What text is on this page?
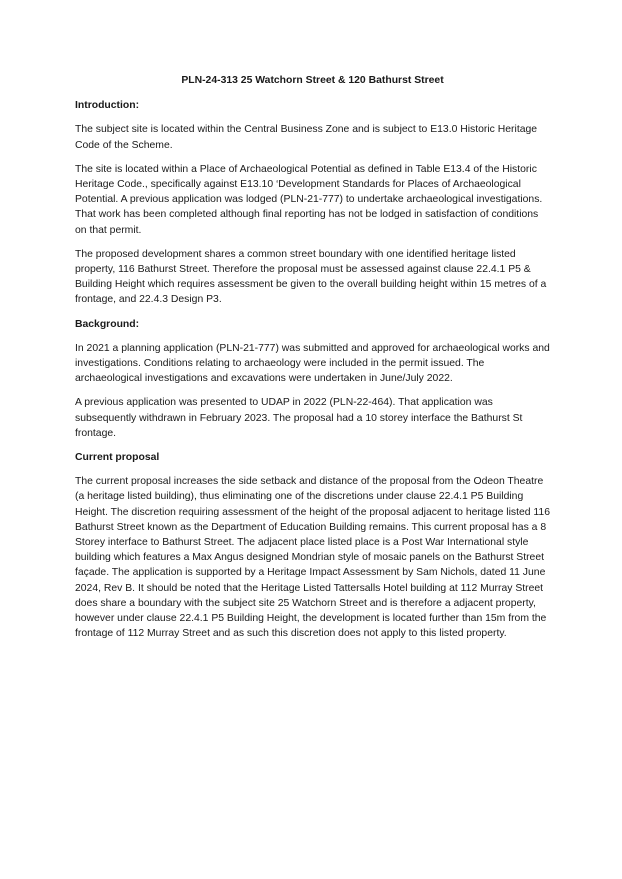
PLN-24-313 25 Watchorn Street & 120 Bathurst Street
Introduction:

The subject site is located within the Central Business Zone and is subject to E13.0 Historic Heritage Code of the Scheme.

The site is located within a Place of Archaeological Potential as defined in Table E13.4 of the Historic Heritage Code., specifically against E13.10 ‘Development Standards for Places of Archaeological Potential. A previous application was lodged (PLN-21-777) to undertake archaeological investigations. That work has been completed although final reporting has not be lodged in satisfaction of conditions on that permit.

The proposed development shares a common street boundary with one identified heritage listed property, 116 Bathurst Street. Therefore the proposal must be assessed against clause 22.4.1 P5 & Building Height which requires assessment be given to the overall building height within 15 metres of a frontage, and 22.4.3 Design P3.

Background:

In 2021 a planning application (PLN-21-777) was submitted and approved for archaeological works and investigations. Conditions relating to archaeology were included in the permit issued. The archaeological investigations and excavations were undertaken in June/July 2022.

A previous application was presented to UDAP in 2022 (PLN-22-464). That application was subsequently withdrawn in February 2023. The proposal had a 10 storey interface the Bathurst St frontage.

Current proposal

The current proposal increases the side setback and distance of the proposal from the Odeon Theatre (a heritage listed building), thus eliminating one of the discretions under clause 22.4.1 P5 Building Height. The discretion requiring assessment of the height of the proposal adjacent to heritage listed 116 Bathurst Street known as the Department of Education Building remains. This current proposal has a 8 Storey interface to Bathurst Street. The adjacent place listed place is a Post War International style building which features a Max Angus designed Mondrian style of mosaic panels on the Bathurst Street façade. The application is supported by a Heritage Impact Assessment by Sam Nichols, dated 11 June 2024, Rev B. It should be noted that the Heritage Listed Tattersalls Hotel building at 112 Murray Street does share a boundary with the subject site 25 Watchorn Street and is therefore a adjacent property, however under clause 22.4.1 P5 Building Height, the development is located further than 15m from the frontage of 112 Murray Street and as such this discretion does not apply to this listed property.
